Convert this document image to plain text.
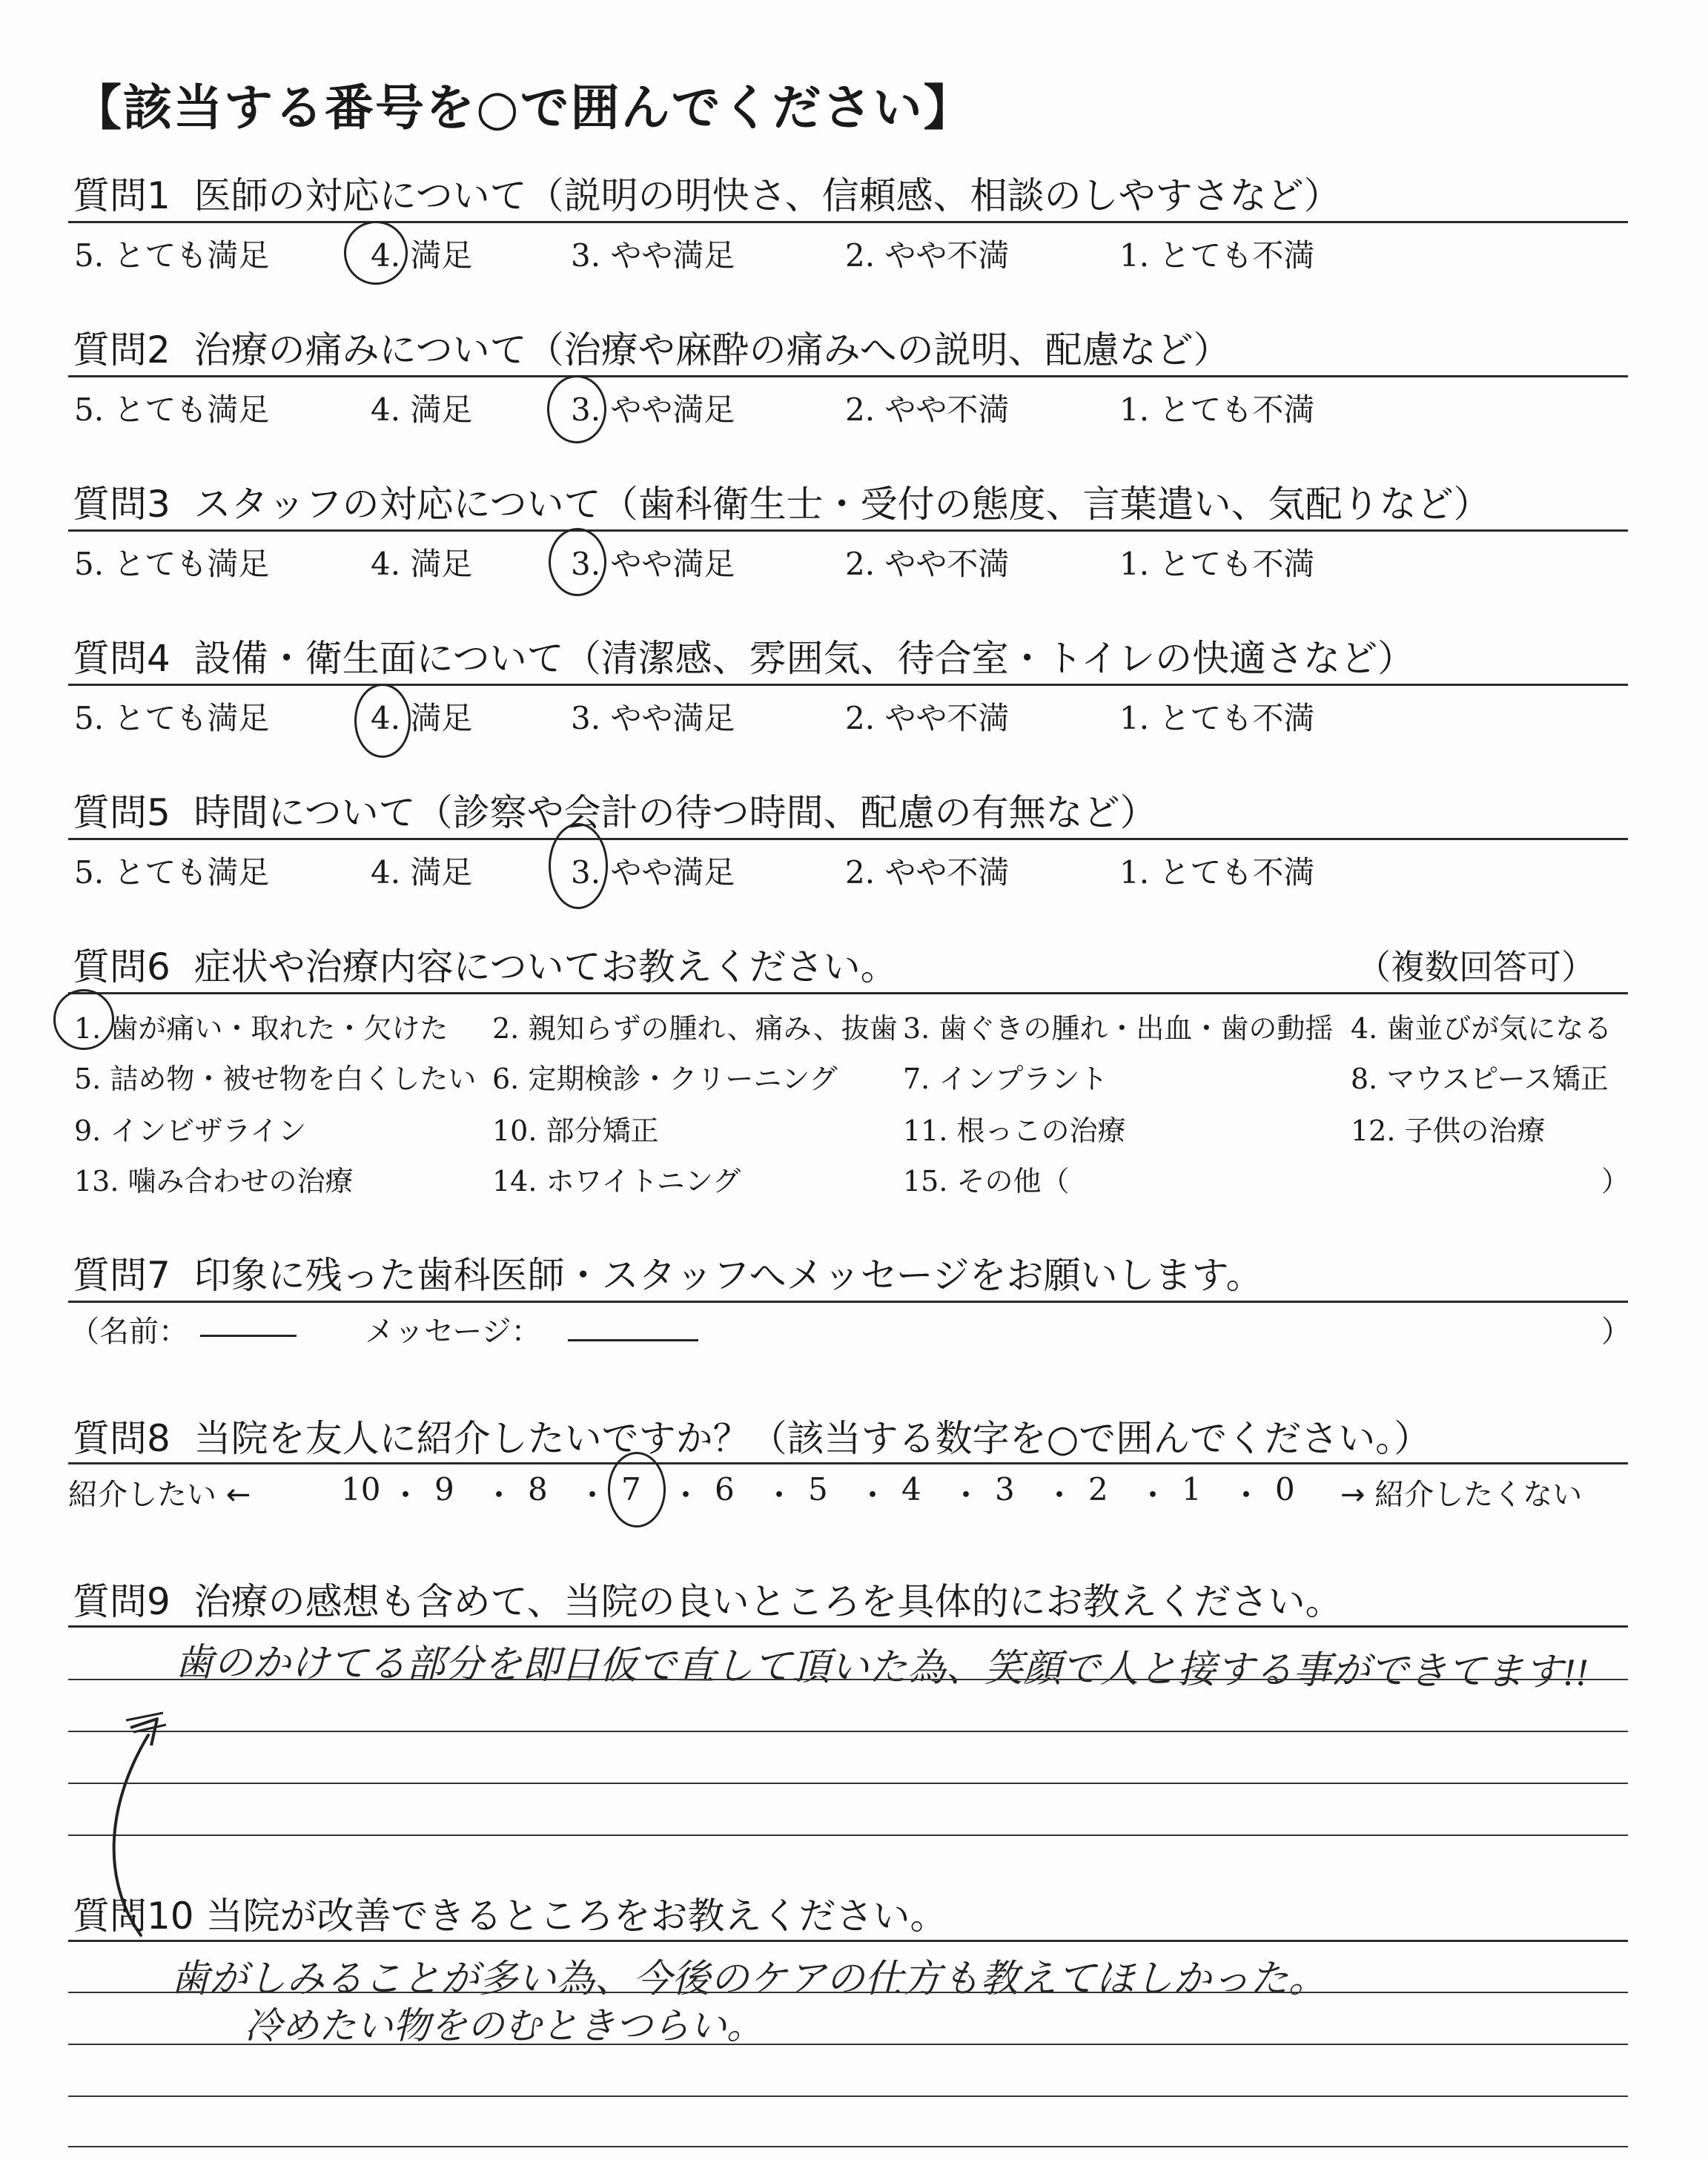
【該当する番号を○で囲んでください】
質問1 医師の対応について（説明の明快さ、信頼感、相談のしやすさなど）
5. とても満足	4. 満足	3. やや満足	2. やや不満	1. とても不満
質問2 治療の痛みについて（治療や麻酔の痛みへの説明、配慮など）
5. とても満足	4. 満足	3. やや満足	2. やや不満	1. とても不満
質問3 スタッフの対応について（歯科衛生士・受付の態度、言葉遣い、気配りなど）
5. とても満足	4. 満足	3. やや満足	2. やや不満	1. とても不満
質問4 設備・衛生面について（清潔感、雰囲気、待合室・トイレの快適さなど）
5. とても満足	4. 満足	3. やや満足	2. やや不満	1. とても不満
質問5 時間について（診察や会計の待つ時間、配慮の有無など）
5. とても満足	4. 満足	3. やや満足	2. やや不満	1. とても不満
質問6 症状や治療内容についてお教えください。	（複数回答可）
1. 歯が痛い・取れた・欠けた 2. 親知らずの腫れ、痛み、抜歯 3. 歯ぐきの腫れ・出血・歯の動揺 4. 歯並びが気になる
5. 詰め物・被せ物を白くしたい 6. 定期検診・クリーニング 7. インプラント	8. マウスピース矯正
9. インビザライン	10. 部分矯正	11. 根っこの治療	12. 子供の治療
13. 噛み合わせの治療	14. ホワイトニング	15. その他（	）
質問7 印象に残った歯科医師・スタッフへメッセージをお願いします。
（名前：	メッセージ：	）
質問8 当院を友人に紹介したいですか？（該当する数字を○で囲んでください。）
紹介したい ←	10 ・ 9 ・ 8 ・ 7 ・ 6 ・ 5 ・ 4 ・ 3 ・ 2 ・ 1 ・ 0 → 紹介したくない
質問9 治療の感想も含めて、当院の良いところを具体的にお教えください。
歯のかけてる部分を即日仮で直して頂いた為、笑顔で人と接する事ができてます!!
質問10 当院が改善できるところをお教えください。
歯がしみることが多い為、今後のケアの仕方も教えてほしかった。
冷めたい物をのむときつらい。
